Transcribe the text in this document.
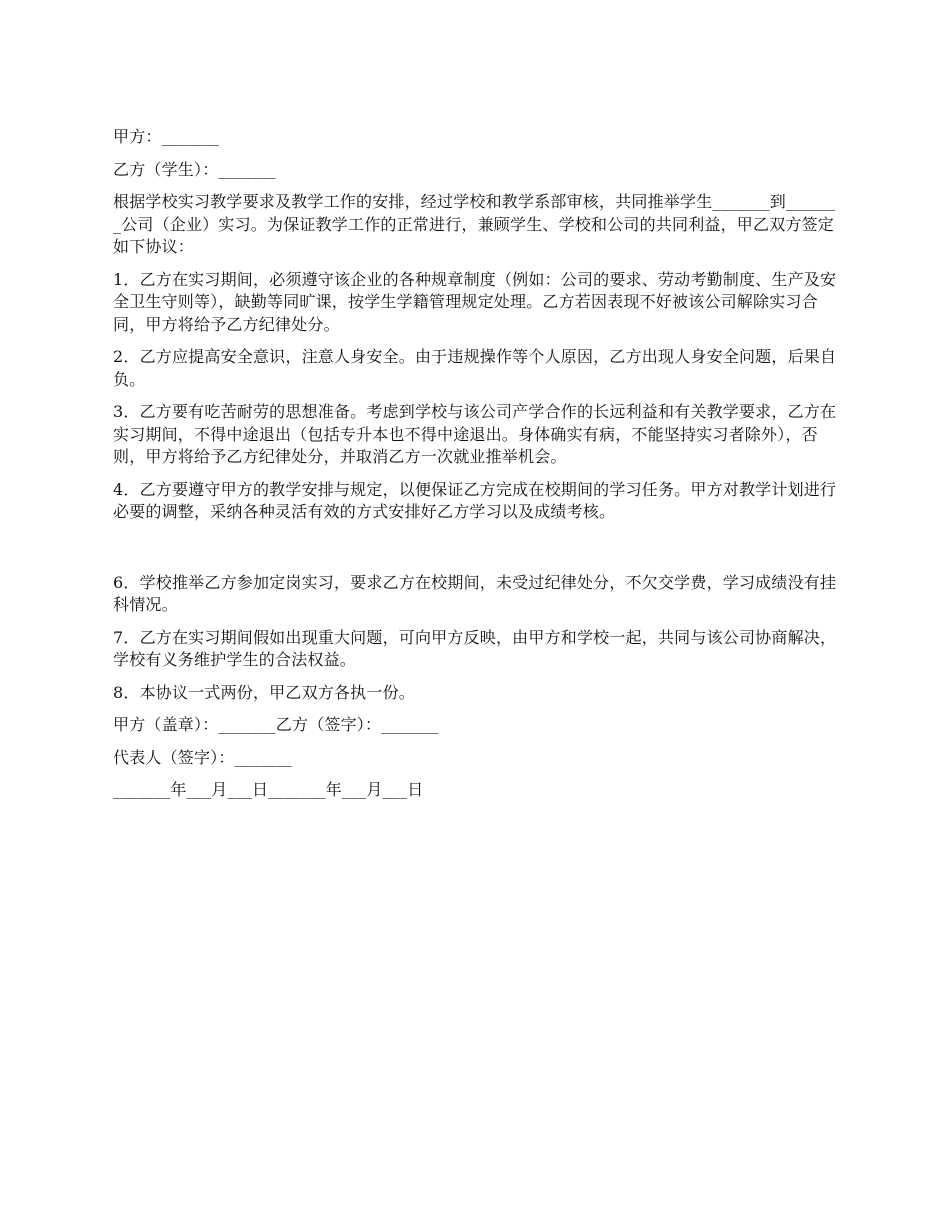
甲方：_______

乙方（学生）：_______

根据学校实习教学要求及教学工作的安排，经过学校和教学系部审核，共同推举学生_______到_______公司（企业）实习。为保证教学工作的正常进行，兼顾学生、学校和公司的共同利益，甲乙双方签定如下协议：

1．乙方在实习期间，必须遵守该企业的各种规章制度（例如：公司的要求、劳动考勤制度、生产及安全卫生守则等），缺勤等同旷课，按学生学籍管理规定处理。乙方若因表现不好被该公司解除实习合同，甲方将给予乙方纪律处分。

2．乙方应提高安全意识，注意人身安全。由于违规操作等个人原因，乙方出现人身安全问题，后果自负。

3．乙方要有吃苦耐劳的思想准备。考虑到学校与该公司产学合作的长远利益和有关教学要求，乙方在实习期间，不得中途退出（包括专升本也不得中途退出。身体确实有病，不能坚持实习者除外），否则，甲方将给予乙方纪律处分，并取消乙方一次就业推举机会。

4．乙方要遵守甲方的教学安排与规定，以便保证乙方完成在校期间的学习任务。甲方对教学计划进行必要的调整，采纳各种灵活有效的方式安排好乙方学习以及成绩考核。

6．学校推举乙方参加定岗实习，要求乙方在校期间，未受过纪律处分，不欠交学费，学习成绩没有挂科情况。

7．乙方在实习期间假如出现重大问题，可向甲方反映，由甲方和学校一起，共同与该公司协商解决，学校有义务维护学生的合法权益。

8．本协议一式两份，甲乙双方各执一份。

甲方（盖章）：_______乙方（签字）：_______

代表人（签字）：_______

_______年___月___日_______年___月___日
